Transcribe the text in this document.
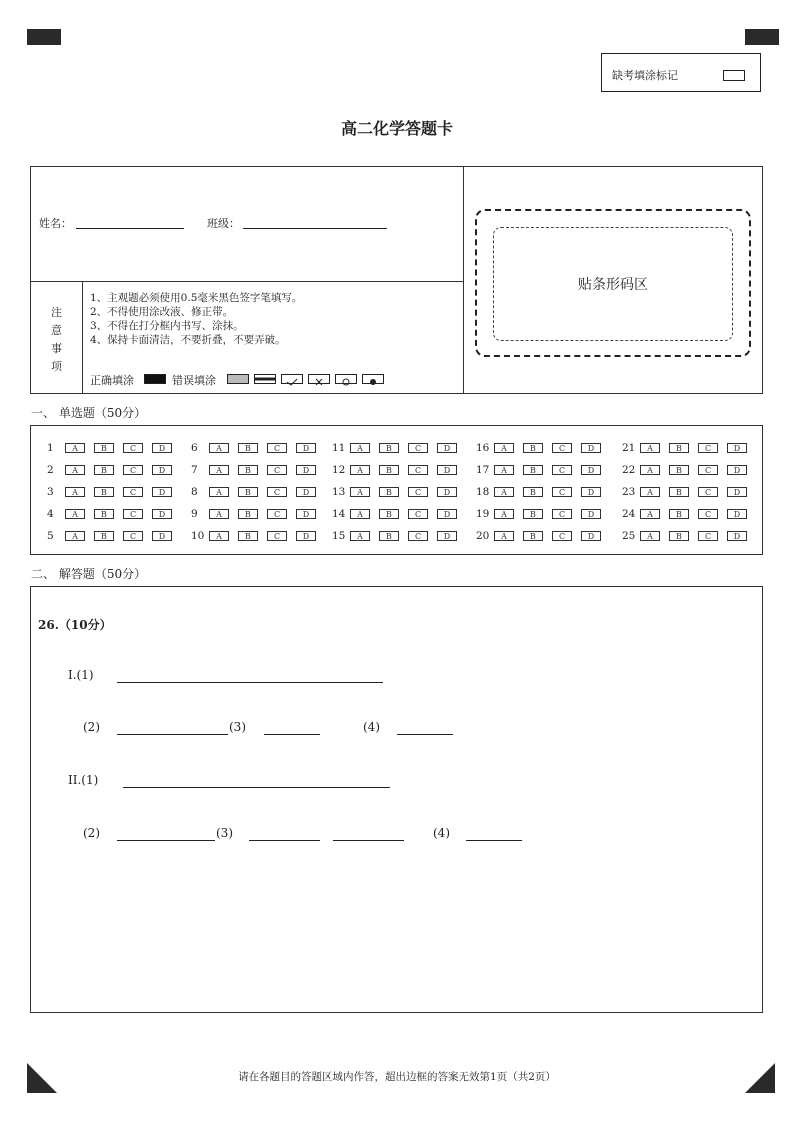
缺考填涂标记
高二化学答题卡
姓名：	班级：
注
意
事
项
1、主观题必须使用0.5毫米黑色签字笔填写。
2、不得使用涂改液、修正带。
3、不得在打分框内书写、涂抹。
4、保持卡面清洁，不要折叠，不要弄破。
正确填涂	错误填涂
贴条形码区
一、 单选题（50分）
1	A	B	C	D
2	A	B	C	D
3	A	B	C	D
4	A	B	C	D
5	A	B	C	D
6	A	B	C	D
7	A	B	C	D
8	A	B	C	D
9	A	B	C	D
10	A	B	C	D
11	A	B	C	D
12	A	B	C	D
13	A	B	C	D
14	A	B	C	D
15	A	B	C	D
16	A	B	C	D
17	A	B	C	D
18	A	B	C	D
19	A	B	C	D
20	A	B	C	D
21	A	B	C	D
22	A	B	C	D
23	A	B	C	D
24	A	B	C	D
25	A	B	C	D
二、 解答题（50分）
26.（10分）
I.(1)
(2)	(3)	(4)
II.(1)
(2)	(3)	(4)
请在各题目的答题区域内作答，超出边框的答案无效第1页（共2页）
